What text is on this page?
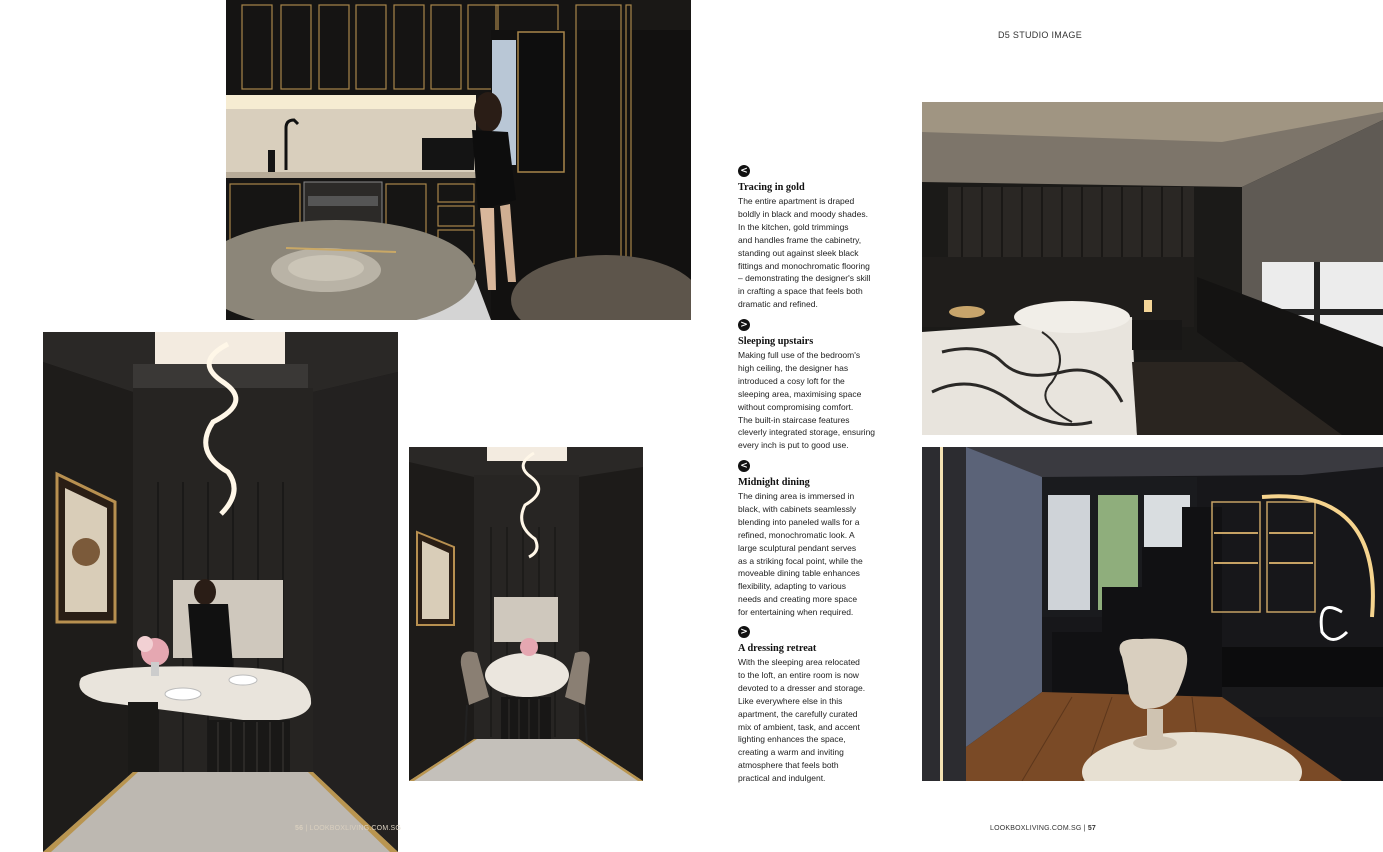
D5 STUDIO IMAGE
<
Tracing in gold
The entire apartment is draped
boldly in black and moody shades.
In the kitchen, gold trimmings
and handles frame the cabinetry,
standing out against sleek black
fittings and monochromatic flooring
– demonstrating the designer's skill
in crafting a space that feels both
dramatic and refined.
>
Sleeping upstairs
Making full use of the bedroom's
high ceiling, the designer has
introduced a cosy loft for the
sleeping area, maximising space
without compromising comfort.
The built-in staircase features
cleverly integrated storage, ensuring
every inch is put to good use.
<
Midnight dining
The dining area is immersed in
black, with cabinets seamlessly
blending into paneled walls for a
refined, monochromatic look. A
large sculptural pendant serves
as a striking focal point, while the
moveable dining table enhances
flexibility, adapting to various
needs and creating more space
for entertaining when required.
>
A dressing retreat
With the sleeping area relocated
to the loft, an entire room is now
devoted to a dresser and storage.
Like everywhere else in this
apartment, the carefully curated
mix of ambient, task, and accent
lighting enhances the space,
creating a warm and inviting
atmosphere that feels both
practical and indulgent.
56 | LOOKBOXLIVING.COM.SG	LOOKBOXLIVING.COM.SG | 57
